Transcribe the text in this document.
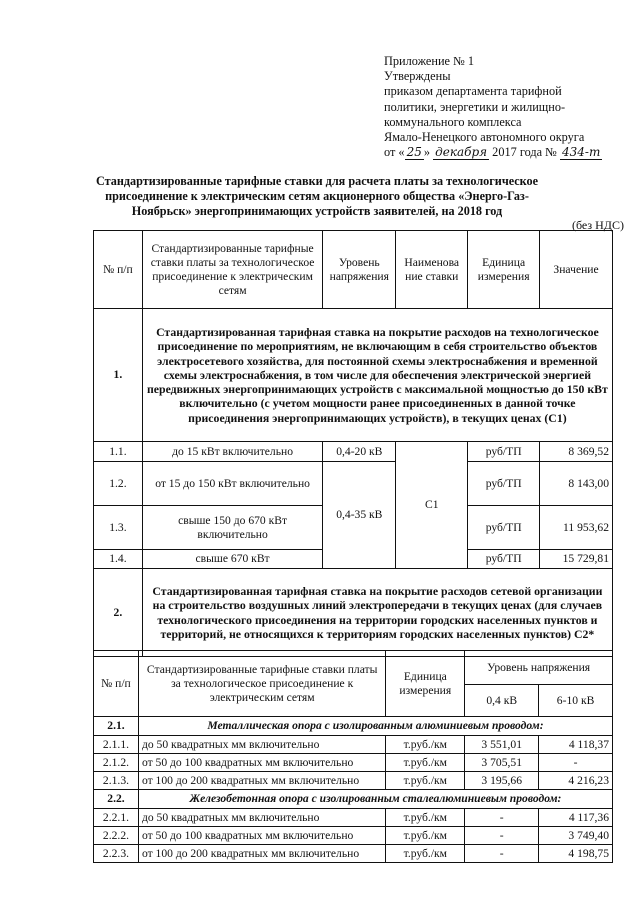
Приложение № 1
Утверждены
приказом департамента тарифной
политики, энергетики и жилищно-
коммунального комплекса
Ямало-Ненецкого автономного округа
от « 25 » декабря 2017 года № 434-т
Стандартизированные тарифные ставки для расчета платы за технологическое присоединение к электрическим сетям акционерного общества «Энерго-Газ-Ноябрьск» энергопринимающих устройств заявителей, на 2018 год
(без НДС)
№ п/п	Стандартизированные тарифные ставки платы за технологическое присоединение к электрическим сетям	Уровень напряжения	Наименова ние ставки	Единица измерения	Значение
1.	Стандартизированная тарифная ставка на покрытие расходов на технологическое присоединение по мероприятиям, не включающим в себя строительство объектов электросетевого хозяйства, для постоянной схемы электроснабжения и временной схемы электроснабжения, в том числе для обеспечения электрической энергией передвижных энергопринимающих устройств с максимальной мощностью до 150 кВт включительно (с учетом мощности ранее присоединенных в данной точке присоединения энергопринимающих устройств), в текущих ценах (С1)				
1.1.	до 15 кВт включительно	0,4-20 кВ	С1	руб/ТП	8 369,52
1.2.	от 15 до 150 кВт включительно	0,4-35 кВ		руб/ТП	8 143,00
1.3.	свыше 150 до 670 кВт включительно			руб/ТП	11 953,62
1.4.	свыше 670 кВт			руб/ТП	15 729,81
2.	Стандартизированная тарифная ставка на покрытие расходов сетевой организации на строительство воздушных линий электропередачи в текущих ценах (для случаев технологического присоединения на территории городских населенных пунктов и территорий, не относящихся к территориям городских населенных пунктов) С2*				
№ п/п	Стандартизированные тарифные ставки платы за технологическое присоединение к электрическим сетям	Единица измерения	Уровень напряжения	
			0,4 кВ	6-10 кВ
2.1.	Металлическая опора с изолированным алюминиевым проводом:			
2.1.1.	до 50 квадратных мм включительно	т.руб./км	3 551,01	4 118,37
2.1.2.	от 50 до 100 квадратных мм включительно	т.руб./км	3 705,51	-
2.1.3.	от 100 до 200 квадратных мм включительно	т.руб./км	3 195,66	4 216,23
2.2.	Железобетонная опора с изолированным сталеалюминиевым проводом:			
2.2.1.	до 50 квадратных мм включительно	т.руб./км	-	4 117,36
2.2.2.	от 50 до 100 квадратных мм включительно	т.руб./км	-	3 749,40
2.2.3.	от 100 до 200 квадратных мм включительно	т.руб./км	-	4 198,75
